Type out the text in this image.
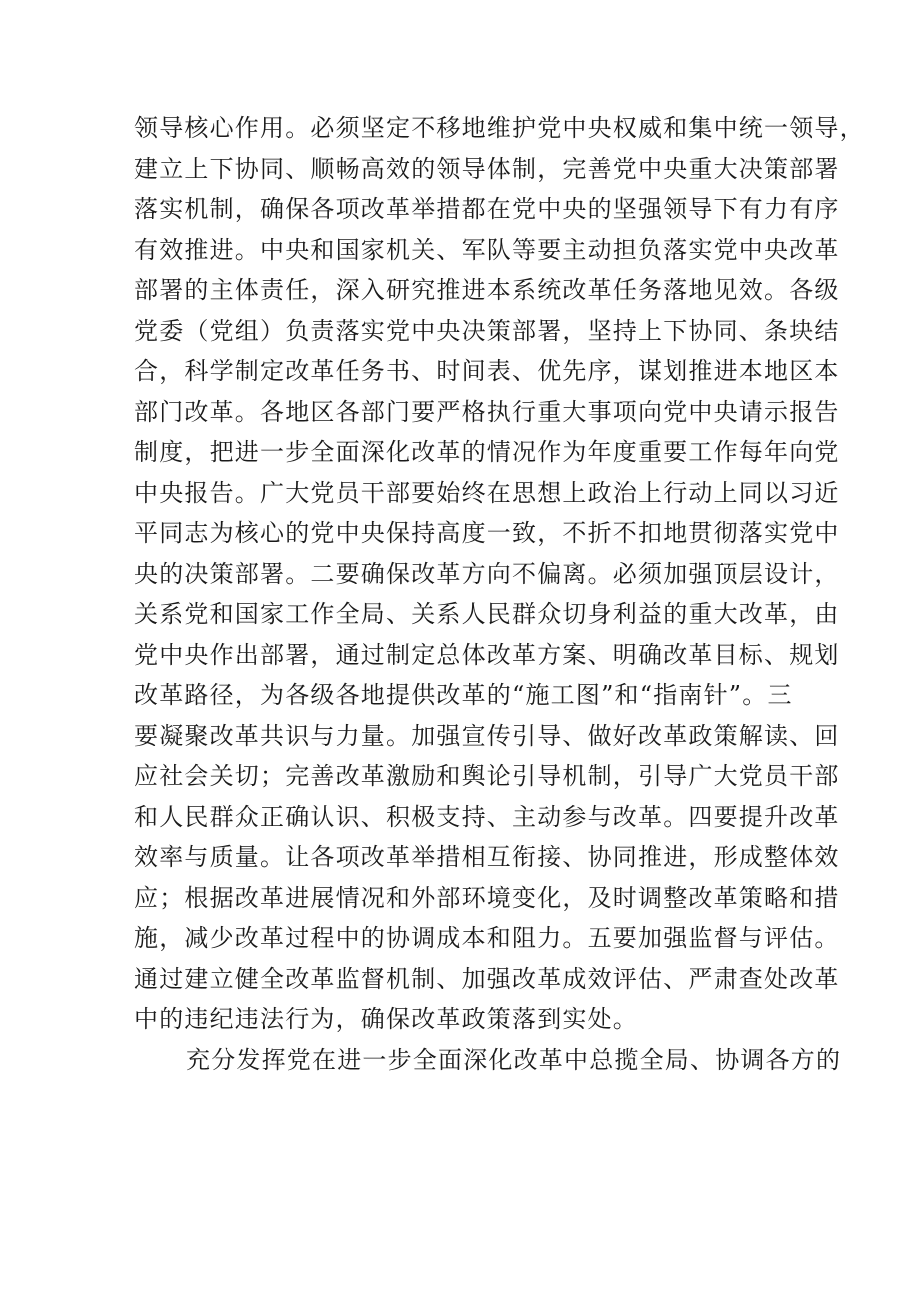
领导核心作用。必须坚定不移地维护党中央权威和集中统一领导，
建立上下协同、顺畅高效的领导体制，完善党中央重大决策部署
落实机制，确保各项改革举措都在党中央的坚强领导下有力有序
有效推进。中央和国家机关、军队等要主动担负落实党中央改革
部署的主体责任，深入研究推进本系统改革任务落地见效。各级
党委（党组）负责落实党中央决策部署，坚持上下协同、条块结
合，科学制定改革任务书、时间表、优先序，谋划推进本地区本
部门改革。各地区各部门要严格执行重大事项向党中央请示报告
制度，把进一步全面深化改革的情况作为年度重要工作每年向党
中央报告。广大党员干部要始终在思想上政治上行动上同以习近
平同志为核心的党中央保持高度一致，不折不扣地贯彻落实党中
央的决策部署。二要确保改革方向不偏离。必须加强顶层设计，
关系党和国家工作全局、关系人民群众切身利益的重大改革，由
党中央作出部署，通过制定总体改革方案、明确改革目标、规划
改革路径，为各级各地提供改革的“施工图”和“指南针”。三
要凝聚改革共识与力量。加强宣传引导、做好改革政策解读、回
应社会关切；完善改革激励和舆论引导机制，引导广大党员干部
和人民群众正确认识、积极支持、主动参与改革。四要提升改革
效率与质量。让各项改革举措相互衔接、协同推进，形成整体效
应；根据改革进展情况和外部环境变化，及时调整改革策略和措
施，减少改革过程中的协调成本和阻力。五要加强监督与评估。
通过建立健全改革监督机制、加强改革成效评估、严肃查处改革
中的违纪违法行为，确保改革政策落到实处。
充分发挥党在进一步全面深化改革中总揽全局、协调各方的
